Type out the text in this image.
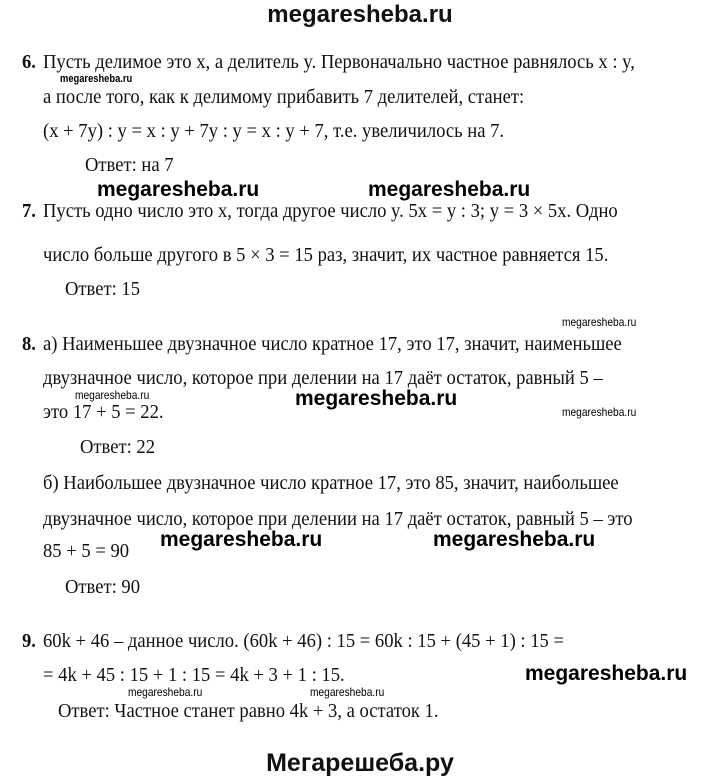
megaresheba.ru
6. Пусть делимое это x, а делитель y. Первоначально частное равнялось x : y,
а после того, как к делимому прибавить 7 делителей, станет:
(x + 7y) : y = x : y + 7y : y = x : y + 7, т.е. увеличилось на 7.
Ответ: на 7
7. Пусть одно число это x, тогда другое число y. 5x = y : 3; y = 3 × 5x. Одно
число больше другого в 5 × 3 = 15 раз, значит, их частное равняется 15.
Ответ: 15
8. а) Наименьшее двузначное число кратное 17, это 17, значит, наименьшее
двузначное число, которое при делении на 17 даёт остаток, равный 5 –
это 17 + 5 = 22.
Ответ: 22
б) Наибольшее двузначное число кратное 17, это 85, значит, наибольшее
двузначное число, которое при делении на 17 даёт остаток, равный 5 – это
85 + 5 = 90
Ответ: 90
9. 60k + 46 – данное число. (60k + 46) : 15 = 60k : 15 + (45 + 1) : 15 =
= 4k + 45 : 15 + 1 : 15 = 4k + 3 + 1 : 15.
Ответ: Частное станет равно 4k + 3, а остаток 1.
megaresheba.ru
megaresheba.ru	megaresheba.ru
megaresheba.ru
megaresheba.ru	megaresheba.ru
megaresheba.ru
megaresheba.ru	megaresheba.ru
megaresheba.ru
megaresheba.ru	megaresheba.ru
Мегарешеба.ру
